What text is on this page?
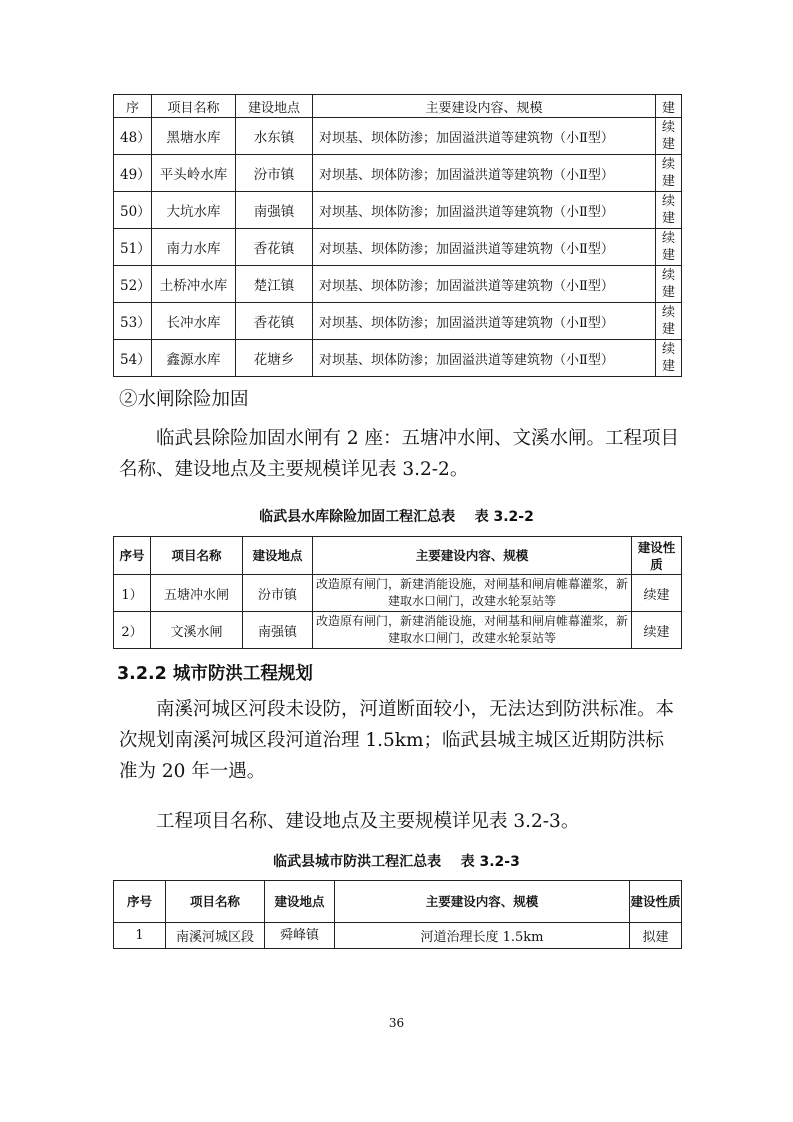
序	项目名称	建设地点	主要建设内容、规模	建
48）	黑塘水库	水东镇	对坝基、坝体防渗；加固溢洪道等建筑物（小Ⅱ型）	续建
49）	平头岭水库	汾市镇	对坝基、坝体防渗；加固溢洪道等建筑物（小Ⅱ型）	续建
50）	大坑水库	南强镇	对坝基、坝体防渗；加固溢洪道等建筑物（小Ⅱ型）	续建
51）	南力水库	香花镇	对坝基、坝体防渗；加固溢洪道等建筑物（小Ⅱ型）	续建
52）	土桥冲水库	楚江镇	对坝基、坝体防渗；加固溢洪道等建筑物（小Ⅱ型）	续建
53）	长冲水库	香花镇	对坝基、坝体防渗；加固溢洪道等建筑物（小Ⅱ型）	续建
54）	鑫源水库	花塘乡	对坝基、坝体防渗；加固溢洪道等建筑物（小Ⅱ型）	续建

②水闸除险加固

临武县除险加固水闸有 2 座：五塘冲水闸、文溪水闸。工程项目名称、建设地点及主要规模详见表 3.2-2。

临武县水库除险加固工程汇总表    表 3.2-2

序号	项目名称	建设地点	主要建设内容、规模	建设性质
1）	五塘冲水闸	汾市镇	改造原有闸门，新建消能设施，对闸基和闸肩帷幕灌浆，新建取水口闸门，改建水轮泵站等	续建
2）	文溪水闸	南强镇	改造原有闸门，新建消能设施，对闸基和闸肩帷幕灌浆，新建取水口闸门，改建水轮泵站等	续建

3.2.2 城市防洪工程规划

南溪河城区河段未设防，河道断面较小，无法达到防洪标准。本次规划南溪河城区段河道治理 1.5km；临武县城主城区近期防洪标准为 20 年一遇。

工程项目名称、建设地点及主要规模详见表 3.2-3。

临武县城市防洪工程汇总表    表 3.2-3

序号	项目名称	建设地点	主要建设内容、规模	建设性质
1	南溪河城区段	舜峰镇	河道治理长度 1.5km	拟建

36
